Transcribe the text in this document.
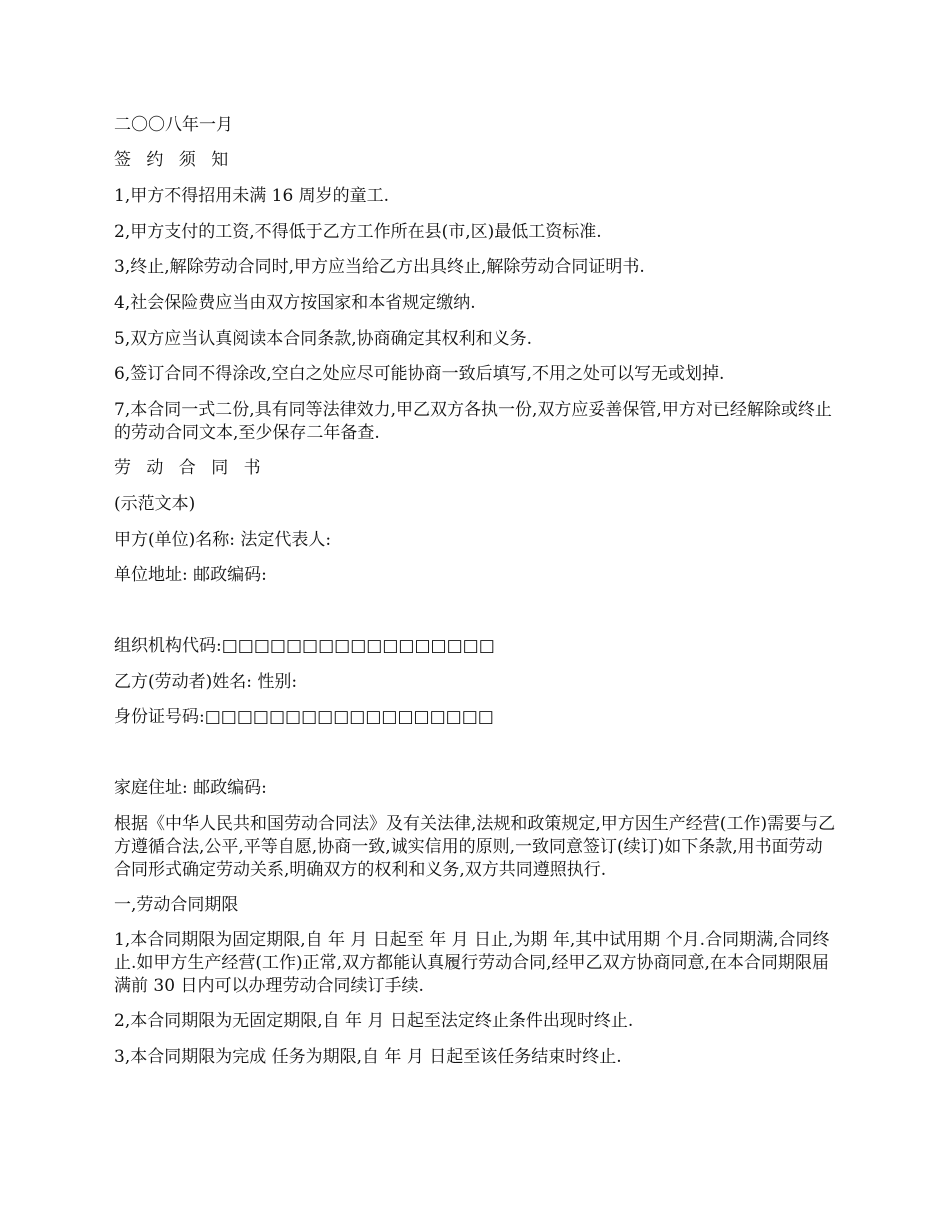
二〇〇八年一月

签 约 须 知

1,甲方不得招用未满 16 周岁的童工.

2,甲方支付的工资,不得低于乙方工作所在县(市,区)最低工资标准.

3,终止,解除劳动合同时,甲方应当给乙方出具终止,解除劳动合同证明书.

4,社会保险费应当由双方按国家和本省规定缴纳.

5,双方应当认真阅读本合同条款,协商确定其权利和义务.

6,签订合同不得涂改,空白之处应尽可能协商一致后填写,不用之处可以写无或划掉.

7,本合同一式二份,具有同等法律效力,甲乙双方各执一份,双方应妥善保管,甲方对已经解除或终止的劳动合同文本,至少保存二年备查.

劳 动 合 同 书

(示范文本)

甲方(单位)名称: 法定代表人:

单位地址: 邮政编码:

组织机构代码:□□□□□□□□□□□□□□□□□

乙方(劳动者)姓名: 性别:

身份证号码:□□□□□□□□□□□□□□□□□□

家庭住址: 邮政编码:

根据《中华人民共和国劳动合同法》及有关法律,法规和政策规定,甲方因生产经营(工作)需要与乙方遵循合法,公平,平等自愿,协商一致,诚实信用的原则,一致同意签订(续订)如下条款,用书面劳动合同形式确定劳动关系,明确双方的权利和义务,双方共同遵照执行.

一,劳动合同期限

1,本合同期限为固定期限,自 年 月 日起至 年 月 日止,为期 年,其中试用期 个月.合同期满,合同终止.如甲方生产经营(工作)正常,双方都能认真履行劳动合同,经甲乙双方协商同意,在本合同期限届满前 30 日内可以办理劳动合同续订手续.

2,本合同期限为无固定期限,自 年 月 日起至法定终止条件出现时终止.

3,本合同期限为完成 任务为期限,自 年 月 日起至该任务结束时终止.
